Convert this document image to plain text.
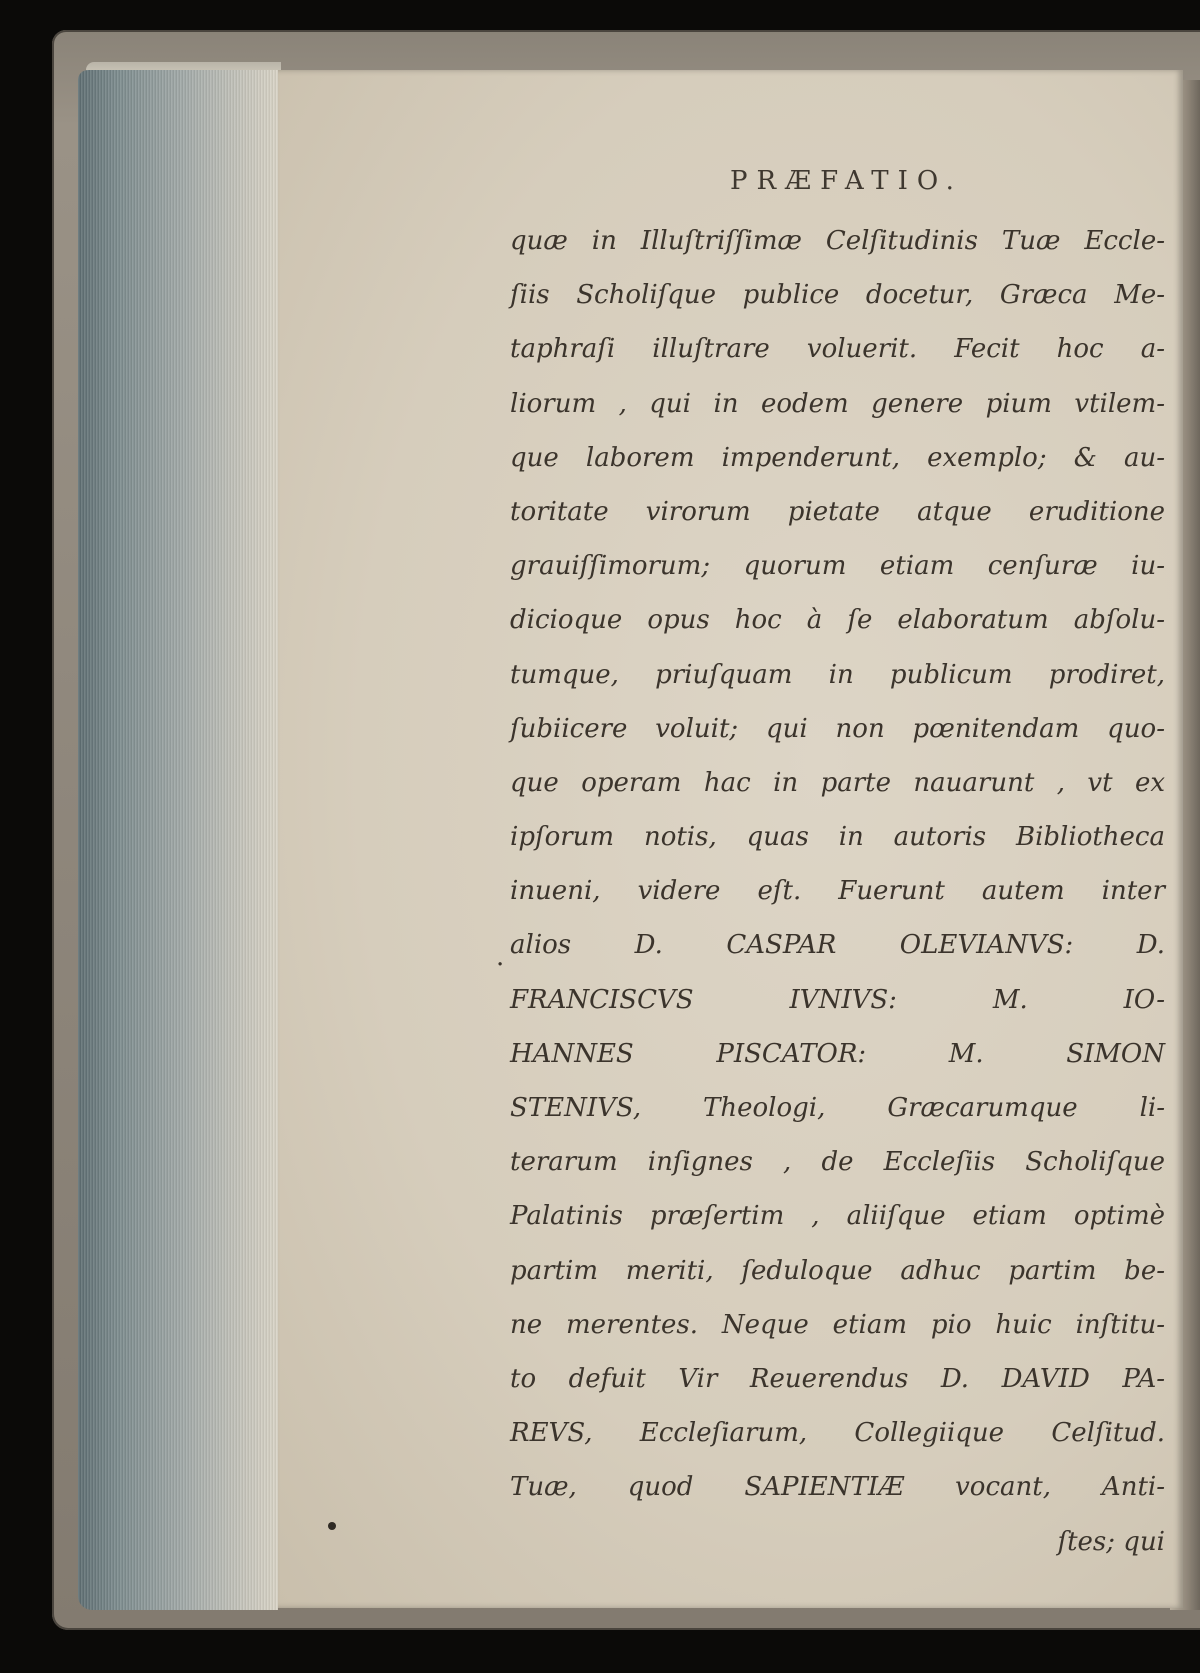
PRÆFATIO.
·
quæ in Illuſtriſſimæ Celſitudinis Tuæ Eccle-
ſiis Scholiſque publice docetur, Græca Me-
taphraſi illuſtrare voluerit. Fecit hoc a-
liorum , qui in eodem genere pium vtilem-
que laborem impenderunt, exemplo; & au-
toritate virorum pietate atque eruditione
grauiſſimorum; quorum etiam cenſuræ iu-
dicioque opus hoc à ſe elaboratum abſolu-
tumque, priuſquam in publicum prodiret,
ſubiicere voluit; qui non pœnitendam quo-
que operam hac in parte nauarunt , vt ex
ipſorum notis, quas in autoris Bibliotheca
inueni, videre eſt. Fuerunt autem inter
alios D. CASPAR OLEVIANVS: D.
FRANCISCVS IVNIVS: M. IO-
HANNES PISCATOR: M. SIMON
STENIVS, Theologi, Græcarumque li-
terarum inſignes , de Eccleſiis Scholiſque
Palatinis præſertim , aliiſque etiam optimè
partim meriti, ſeduloque adhuc partim be-
ne merentes. Neque etiam pio huic inſtitu-
to defuit Vir Reuerendus D. DAVID PA-
REVS, Eccleſiarum, Collegiique Celſitud.
Tuæ, quod SAPIENTIÆ vocant, Anti-
ſtes; qui
